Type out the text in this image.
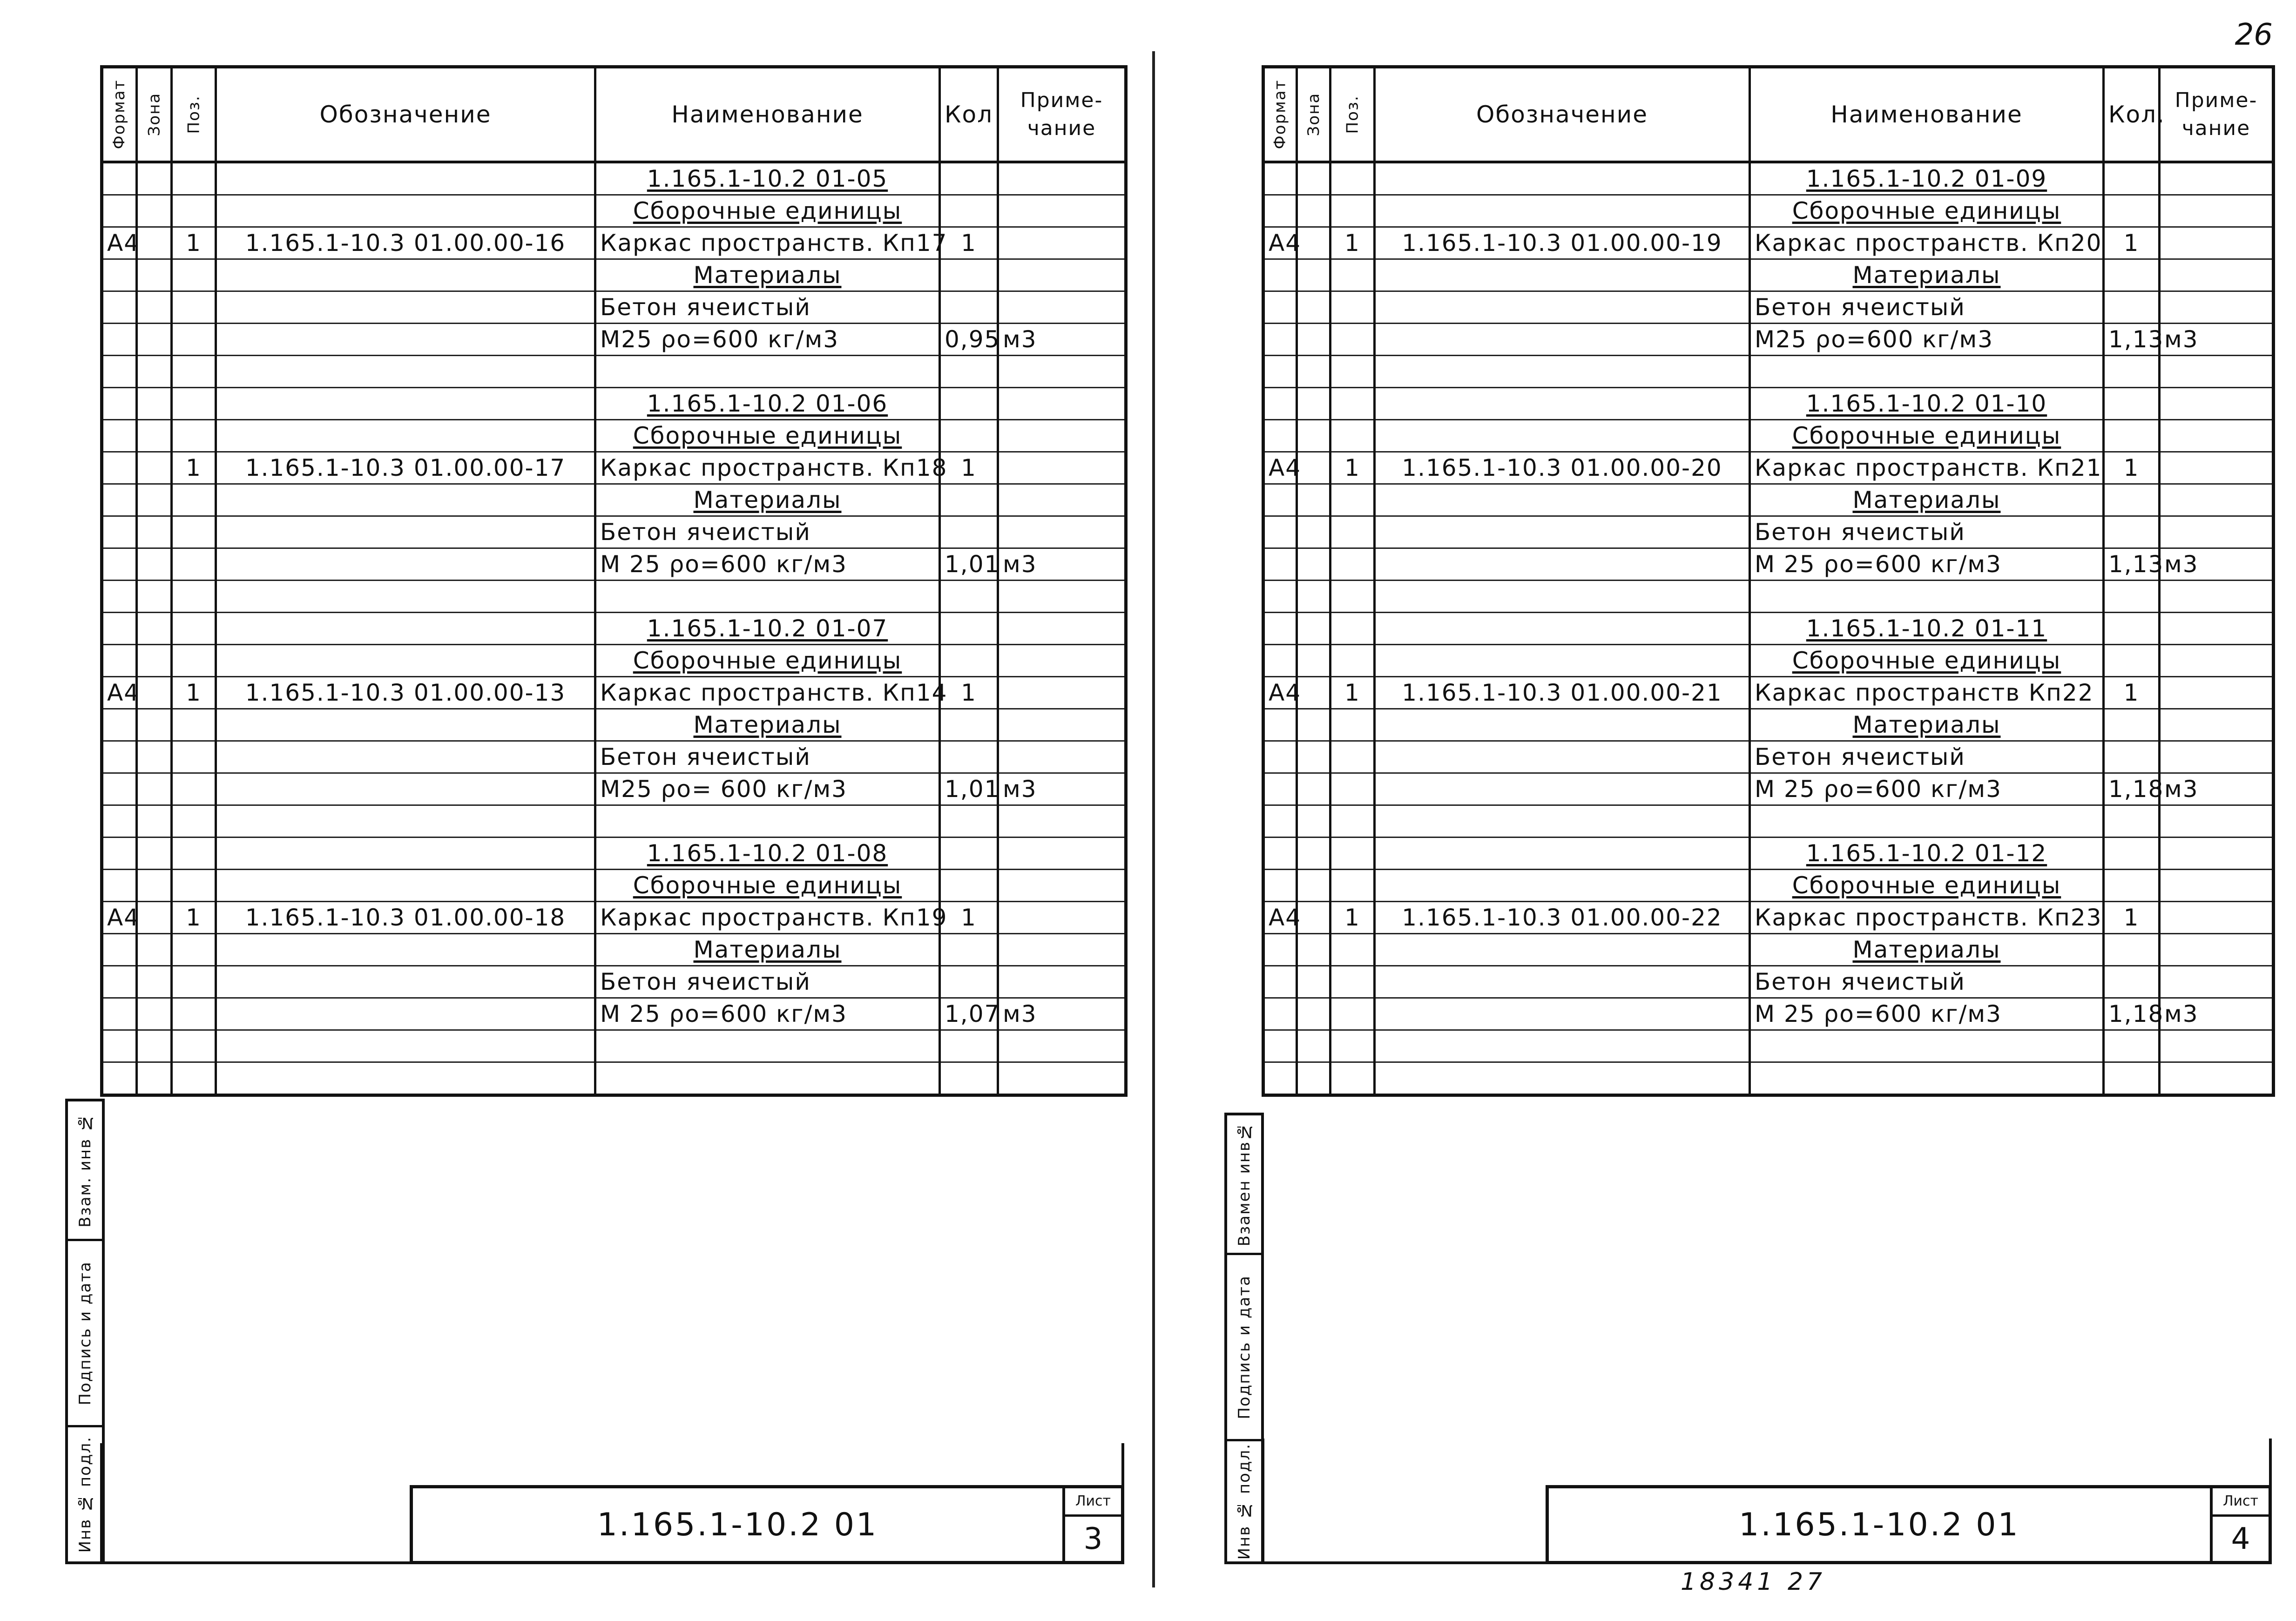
26
18341 27
Формат	Зона	Поз.	Обозначение	Наименование	Кол	Приме-чание
				1.165.1-10.2 01-05		
				Сборочные единицы		
А4		1	1.165.1-10.3 01.00.00-16	Каркас пространств. Кп17	1	
				Материалы		
				Бетон ячеистый		
				М25 ρo=600 кг/м3	0,95	м3

				1.165.1-10.2 01-06		
				Сборочные единицы		
		1	1.165.1-10.3 01.00.00-17	Каркас пространств. Кп18	1	
				Материалы		
				Бетон ячеистый		
				М 25 ρo=600 кг/м3	1,01	м3

				1.165.1-10.2 01-07		
				Сборочные единицы		
А4		1	1.165.1-10.3 01.00.00-13	Каркас пространств. Кп14	1	
				Материалы		
				Бетон ячеистый		
				М25 ρo= 600 кг/м3	1,01	м3

				1.165.1-10.2 01-08		
				Сборочные единицы		
А4		1	1.165.1-10.3 01.00.00-18	Каркас пространств. Кп19	1	
				Материалы		
				Бетон ячеистый		
				М 25 ρo=600 кг/м3	1,07	м3

Взам. инв №
Подпись и дата
Инв № подл.	1.165.1-10.2 01
Лист
3
Формат	Зона	Поз.	Обозначение	Наименование	Кол.	Приме-чание
				1.165.1-10.2 01-09		
				Сборочные единицы		
А4		1	1.165.1-10.3 01.00.00-19	Каркас пространств. Кп20	1	
				Материалы		
				Бетон ячеистый		
				М25 ρo=600 кг/м3	1,13	м3

				1.165.1-10.2 01-10		
				Сборочные единицы		
А4		1	1.165.1-10.3 01.00.00-20	Каркас пространств. Кп21	1	
				Материалы		
				Бетон ячеистый		
				М 25 ρo=600 кг/м3	1,13	м3

				1.165.1-10.2 01-11		
				Сборочные единицы		
А4		1	1.165.1-10.3 01.00.00-21	Каркас пространств Кп22	1	
				Материалы		
				Бетон ячеистый		
				М 25 ρo=600 кг/м3	1,18	м3

				1.165.1-10.2 01-12		
				Сборочные единицы		
А4		1	1.165.1-10.3 01.00.00-22	Каркас пространств. Кп23	1	
				Материалы		
				Бетон ячеистый		
				М 25 ρo=600 кг/м3	1,18	м3

Взамен инв№
Подпись и дата
Инв № подл.	1.165.1-10.2 01
Лист
4
